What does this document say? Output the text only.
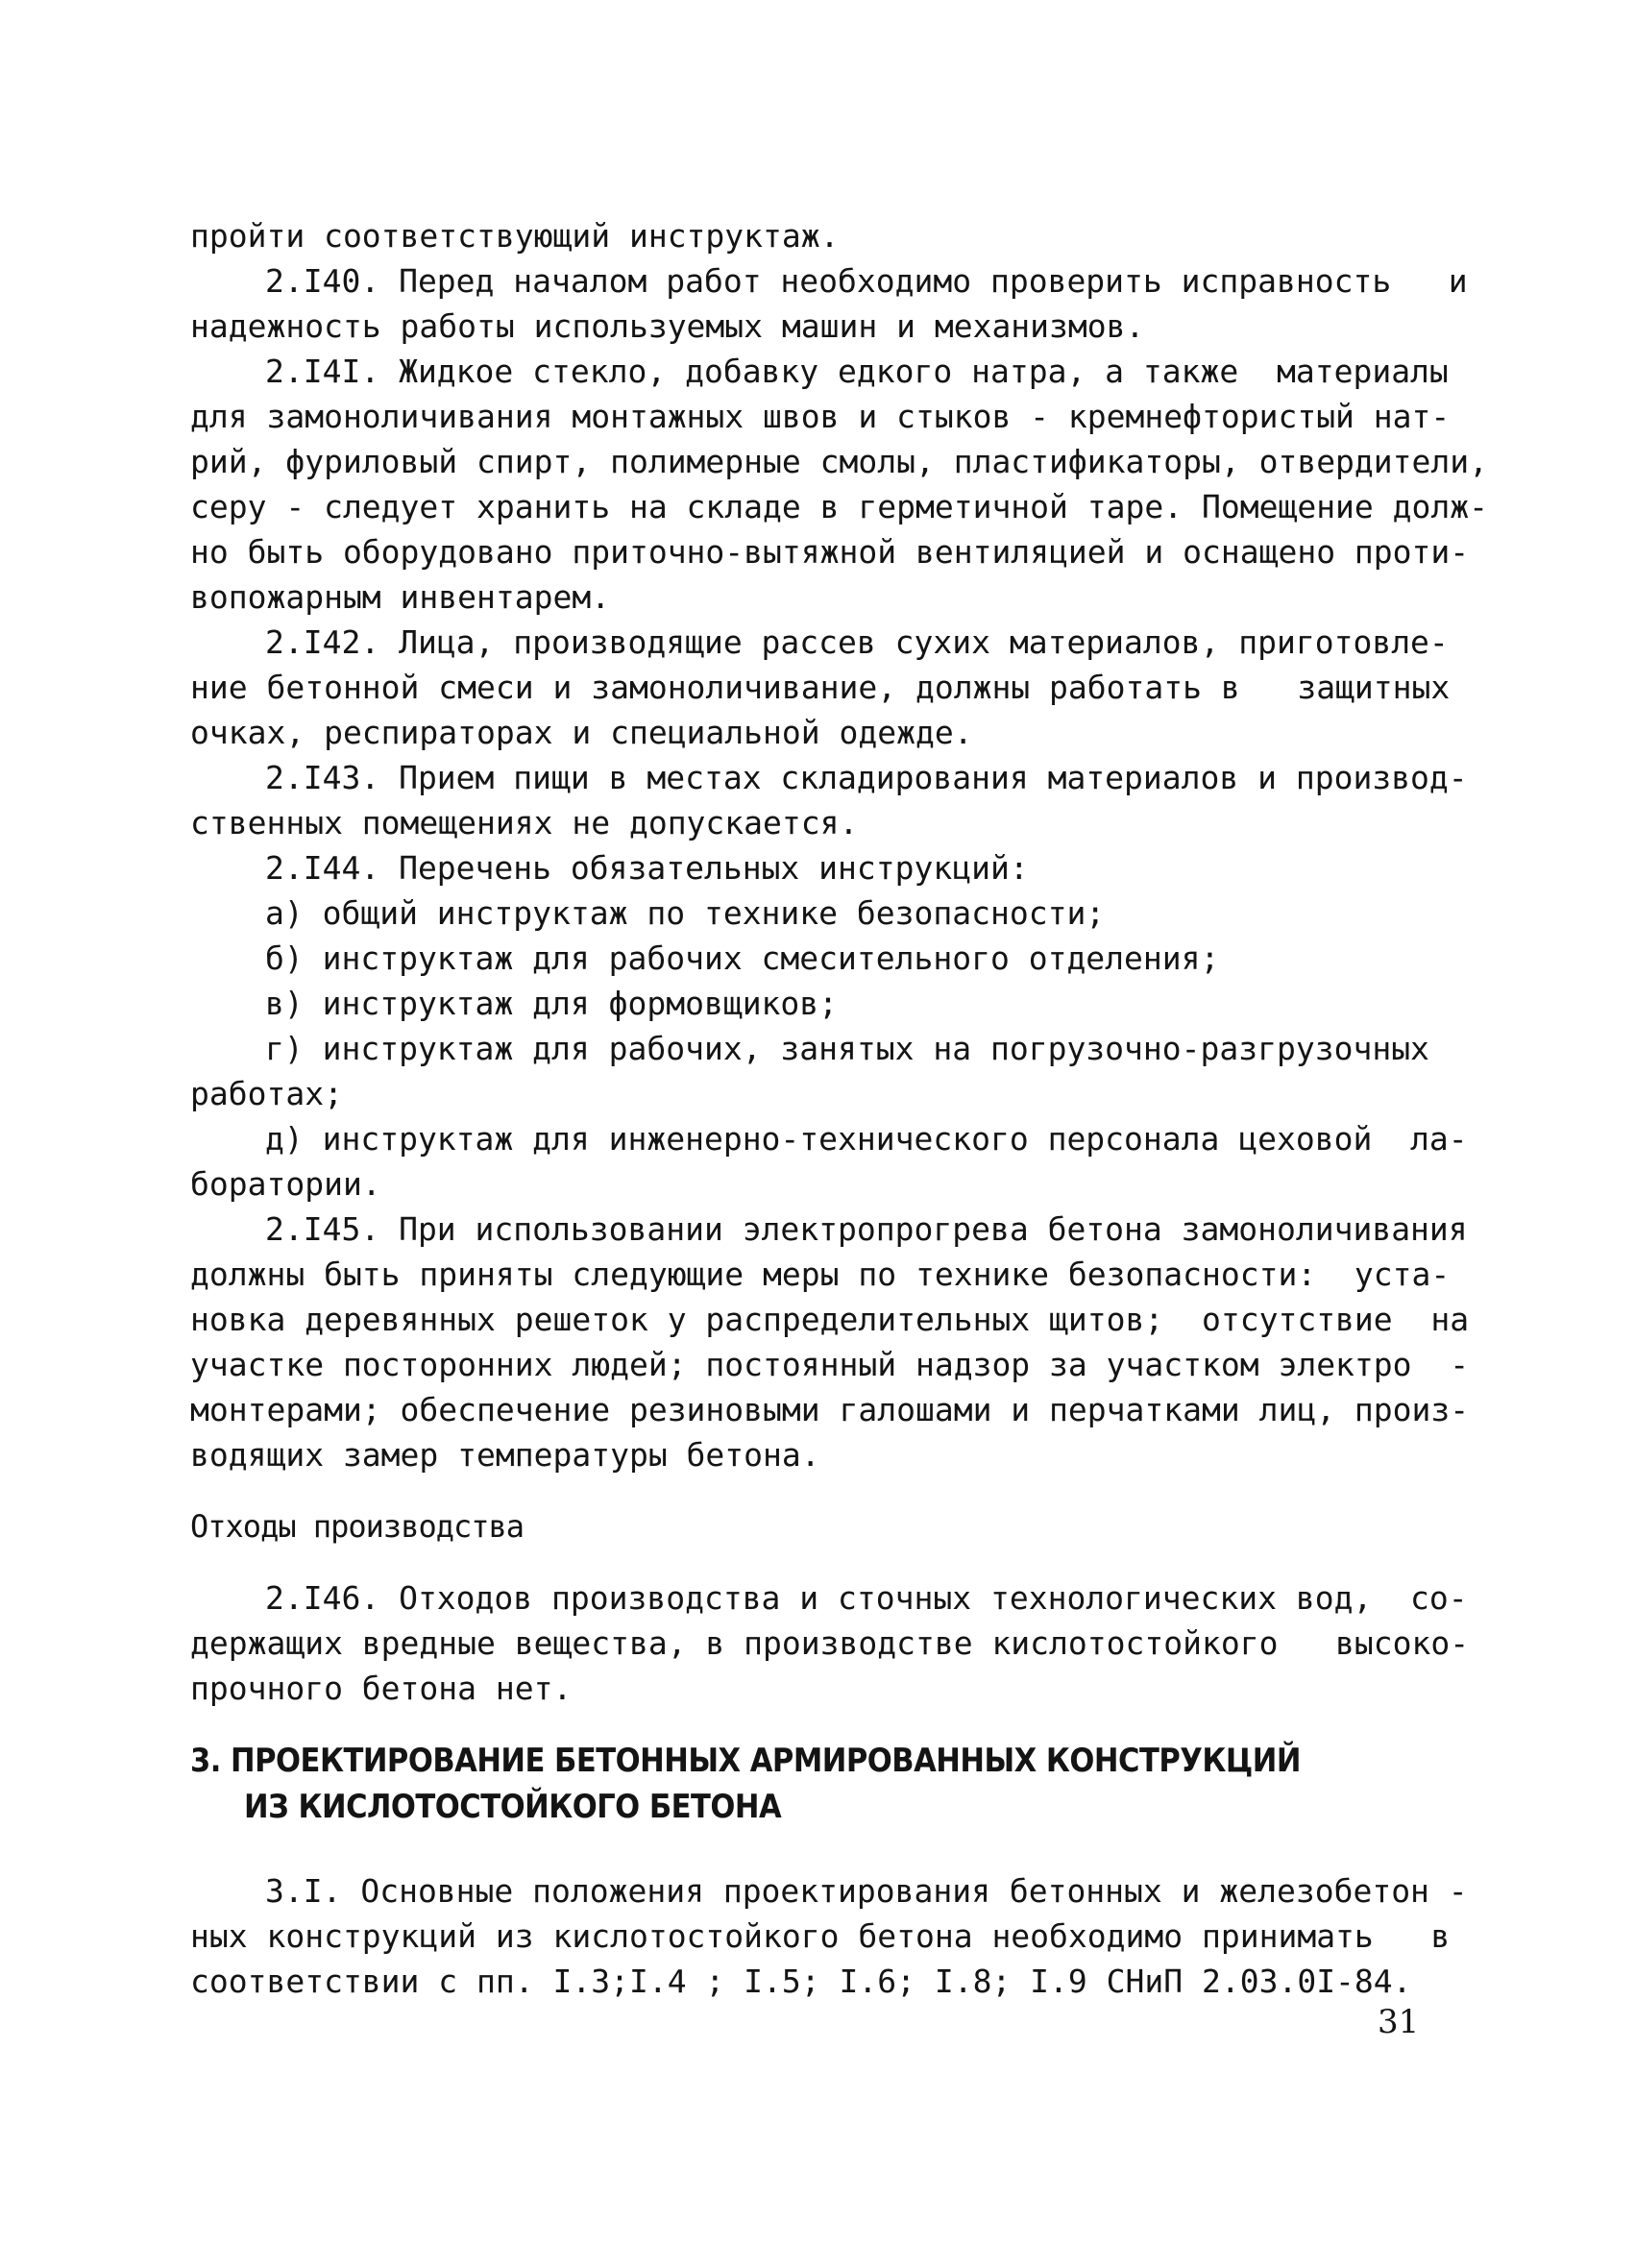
пройти соответствующий инструктаж.

2.I40. Перед началом работ необходимо проверить исправность   и
надежность работы используемых машин и механизмов.

2.I4I. Жидкое стекло, добавку едкого натра, а также  материалы
для замоноличивания монтажных швов и стыков - кремнефтористый нат-
рий, фуриловый спирт, полимерные смолы, пластификаторы, отвердители,
серу - следует хранить на складе в герметичной таре. Помещение долж-
но быть оборудовано приточно-вытяжной вентиляцией и оснащено проти-
вопожарным инвентарем.

2.I42. Лица, производящие рассев сухих материалов, приготовле-
ние бетонной смеси и замоноличивание, должны работать в   защитных
очках, респираторах и специальной одежде.

2.I43. Прием пищи в местах складирования материалов и производ-
ственных помещениях не допускается.

2.I44. Перечень обязательных инструкций:

а) общий инструктаж по технике безопасности;

б) инструктаж для рабочих смесительного отделения;

в) инструктаж для формовщиков;

г) инструктаж для рабочих, занятых на погрузочно-разгрузочных
работах;

д) инструктаж для инженерно-технического персонала цеховой  ла-
боратории.

2.I45. При использовании электропрогрева бетона замоноличивания
должны быть приняты следующие меры по технике безопасности:  уста-
новка деревянных решеток у распределительных щитов;  отсутствие  на
участке посторонних людей; постоянный надзор за участком электро  -
монтерами; обеспечение резиновыми галошами и перчатками лиц, произ-
водящих замер температуры бетона.

Отходы производства

2.I46. Отходов производства и сточных технологических вод,  со-
держащих вредные вещества, в производстве кислотостойкого   высоко-
прочного бетона нет.

3. ПРОЕКТИРОВАНИЕ БЕТОННЫХ АРМИРОВАННЫХ КОНСТРУКЦИЙ
ИЗ КИСЛОТОСТОЙКОГО БЕТОНА

3.I. Основные положения проектирования бетонных и железобетон -
ных конструкций из кислотостойкого бетона необходимо принимать   в
соответствии с пп. I.3;I.4 ; I.5; I.6; I.8; I.9 СНиП 2.03.0I-84.

31
